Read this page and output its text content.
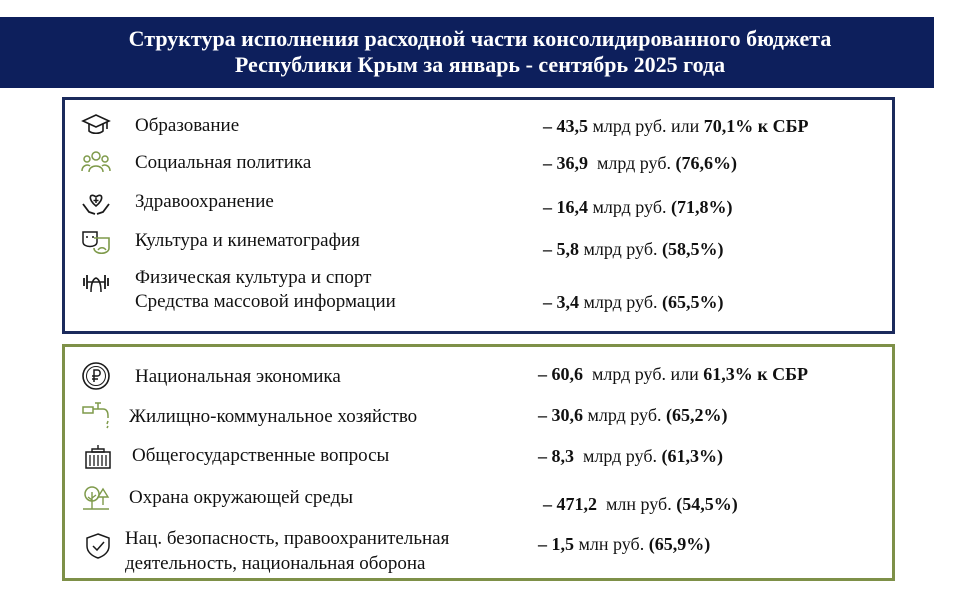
Структура исполнения расходной части консолидированного бюджета
Республики Крым за январь - сентябрь 2025 года
Образование	– 43,5 млрд руб. или 70,1% к СБР
Социальная политика	– 36,9 млрд руб. (76,6%)
Здравоохранение	– 16,4 млрд руб. (71,8%)
Культура и кинематография	– 5,8 млрд руб. (58,5%)
Физическая культура и спорт
Средства массовой информации	– 3,4 млрд руб. (65,5%)
Национальная экономика	– 60,6 млрд руб. или 61,3% к СБР
Жилищно-коммунальное хозяйство	– 30,6 млрд руб. (65,2%)
Общегосударственные вопросы	– 8,3 млрд руб. (61,3%)
Охрана окружающей среды	– 471,2 млн руб. (54,5%)
Нац. безопасность, правоохранительная
деятельность, национальная оборона
– 1,5 млн руб. (65,9%)
